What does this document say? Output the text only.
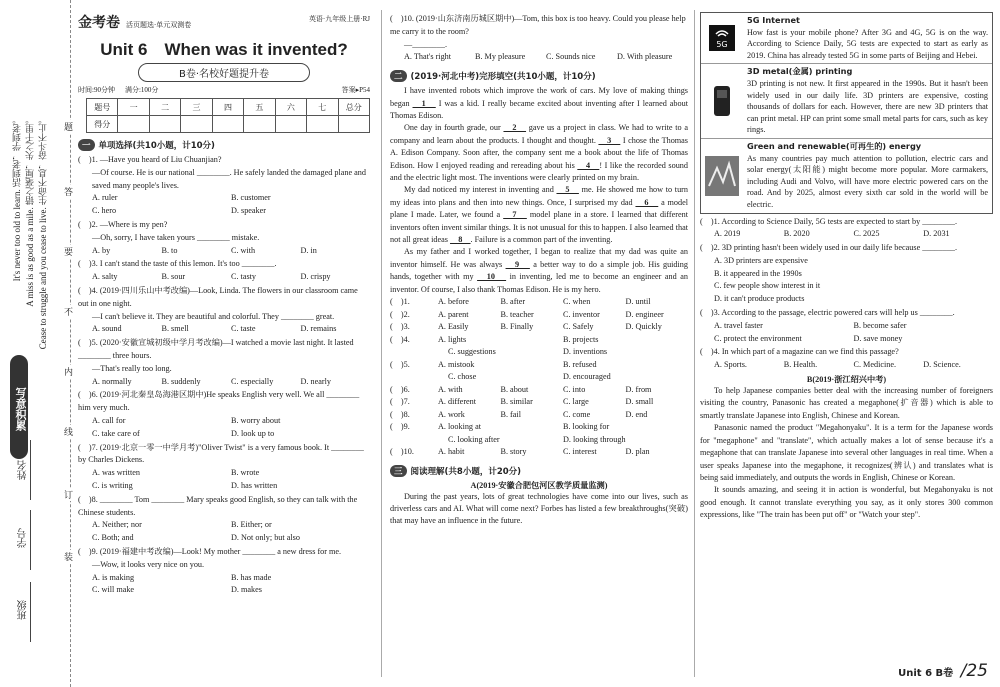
It's never too old to learn. 活到老，学到老。 A miss is as good as a mile. 错之毫厘，失之千里。 Cease to struggle and you cease to live. 生命不息，奋斗不止。
写意积累
姓名
学号
班级
题
答
要
不
内
线
订
装
金考卷 活页题选·单元双测卷
英语·九年级上册·RJ
Unit 6　When was it invented?
B卷·名校好题提升卷
时间:90分钟 满分:100分	答案▸P54
题号	一	二	三	四	五	六	七	总分
得分								
一 单项选择(共10小题，计10分)
(　)1. —Have you heard of Liu Chuanjian?

—Of course. He is our national ________. He safely landed the damaged plane and saved many people's lives.

A. ruler	B. customer
C. hero	D. speaker
(　)2. —Where is my pen?

—Oh, sorry, I have taken yours ________ mistake.

A. by	B. to	C. with	D. in
(　)3. I can't stand the taste of this lemon. It's too ________.
A. salty	B. sour	C. tasty	D. crispy
(　)4. (2019·四川乐山中考改编)—Look, Linda. The flowers in our classroom came out in one night.

—I can't believe it. They are beautiful and colorful. They ________ great.

A. sound	B. smell	C. taste	D. remains
(　)5. (2020·安徽宣城初级中学月考改编)—I watched a movie last night. It lasted ________ three hours.

—That's really too long.

A. normally	B. suddenly	C. especially	D. nearly
(　)6. (2019·河北秦皇岛海港区期中)He speaks English very well. We all ________ him very much.
A. call for	B. worry about
C. take care of	D. look up to
(　)7. (2019·北京一零一中学月考)"Oliver Twist" is a very famous book. It ________ by Charles Dickens.
A. was written	B. wrote
C. is writing	D. has written
(　)8. ________ Tom ________ Mary speaks good English, so they can talk with the Chinese students.
A. Neither; nor	B. Either; or
C. Both; and	D. Not only; but also
(　)9. (2019·福建中考改编)—Look! My mother ________ a new dress for me.

—Wow, it looks very nice on you.

A. is making	B. has made
C. will make	D. makes
(　)10. (2019·山东济南历城区期中)—Tom, this box is too heavy. Could you please help me carry it to the room?

—________.

A. That's right	B. My pleasure	C. Sounds nice	D. With pleasure
二 (2019·河北中考)完形填空(共10小题，计10分)

I have invented robots which improve the work of cars. My love of making things began 　1　 I was a kid. I really became excited about inventing after I learned about Thomas Edison.

One day in fourth grade, our 　2　 gave us a project in class. We had to write to a company and learn about the products. I thought and thought. 　3　 I chose the Thomas A. Edison Company. Soon after, the company sent me a book about the life of Thomas Edison. How I enjoyed reading and rereading about his 　4　! I like the recorded sound and the electric light most. The inventions were clearly printed on my brain.

My dad noticed my interest in inventing and 　5　 me. He showed me how to turn my ideas into plans and then into new things. Once, I surprised my dad 　6　 a model plane I made. Later, we found a 　7　 model plane in a store. I learned that different inventors often invent similar things. It is not unusual for this to happen. I also learned that not all great ideas 　8　. Failure is a common part of the inventing.

As my father and I worked together, I began to realize that my dad was quite an inventor himself. He was always 　9　 a better way to do a simple job. His guiding hands, together with my 　10　 in inventing, led me to become an engineer and an inventor. Of course, I also thank Thomas Edison. He is my hero.

(　)1.	A. before	B. after	C. when	D. until
(　)2.	A. parent	B. teacher	C. inventor	D. engineer
(　)3.	A. Easily	B. Finally	C. Safely	D. Quickly
(　)4.	A. lights	B. projects
C. suggestions	D. inventions
(　)5.	A. mistook	B. refused
C. chose	D. encouraged
(　)6.	A. with	B. about	C. into	D. from
(　)7.	A. different	B. similar	C. large	D. small
(　)8.	A. work	B. fail	C. come	D. end
(　)9.	A. looking at	B. looking for
C. looking after	D. looking through
(　)10.	A. habit	B. story	C. interest	D. plan
三 阅读理解(共8小题，计20分)
A(2019·安徽合肥包河区教学质量监测)

During the past years, lots of great technologies have come into our lives, such as driverless cars and AI. What will come next? Forbes has listed a few breakthroughs(突破) that may have an influence in the future.

5G
5G Internet
How fast is your mobile phone? After 3G and 4G, 5G is on the way. According to Science Daily, 5G tests are expected to start as early as 2019. China has already tested 5G in some parts of Beijing and Hebei.
3D metal(金属) printing
3D printing is not new. It first appeared in the 1990s. But it hasn't been widely used in our daily life. 3D printers are expensive, costing thousands of dollars for each. However, there are new 3D printers that can print metal. HP can print some small metal parts for cars, such as key rings.
Green and renewable(可再生的) energy
As many countries pay much attention to pollution, electric cars and solar energy(太阳能) might become more popular. More carmakers, including Audi and Volvo, will have more electric powered cars on the road. And by 2025, almost every sixth car sold in the world will be electric.
(　)1. According to Science Daily, 5G tests are expected to start by ________.
A. 2019	B. 2020	C. 2025	D. 2031
(　)2. 3D printing hasn't been widely used in our daily life because ________.
A. 3D printers are expensive
B. it appeared in the 1990s
C. few people show interest in it
D. it can't produce products
(　)3. According to the passage, electric powered cars will help us ________.
A. travel faster	B. become safer
C. protect the environment	D. save money
(　)4. In which part of a magazine can we find this passage?
A. Sports.	B. Health.	C. Medicine.	D. Science.
B(2019·浙江绍兴中考)

To help Japanese companies better deal with the increasing number of foreigners visiting the country, Panasonic has created a megaphone(扩音器) which is able to smartly translate Japanese into English, Chinese and Korean.

Panasonic named the product "Megahonyaku". It is a term for the Japanese words for "megaphone" and "translate", which actually makes a lot of sense because it's a megaphone that can translate Japanese into several other languages in real time. When a user speaks Japanese into the megaphone, it recognizes(辨认) and translates what is being said immediately, and outputs the words in English, Chinese or Korean.

It sounds amazing, and seeing it in action is wonderful, but Megahonyaku is not good enough. It cannot translate everything you say, as it only stores 300 common expressions, like "The train has been put off" or "Watch your step".

Unit 6 B卷 /25
